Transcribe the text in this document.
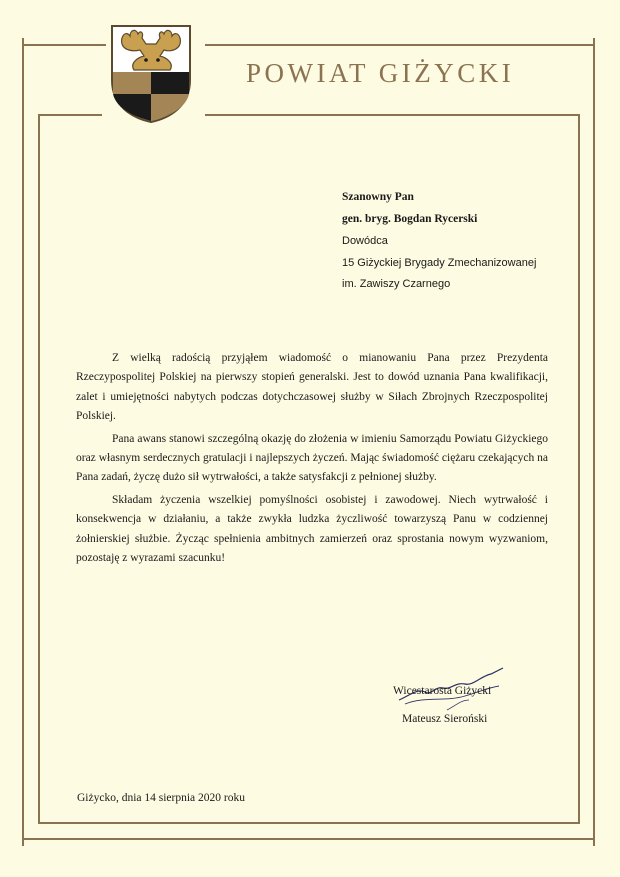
POWIAT GIŻYCKI
Szanowny Pan
gen. bryg. Bogdan Rycerski
Dowódca
15 Giżyckiej Brygady Zmechanizowanej
im. Zawiszy Czarnego

Z wielką radością przyjąłem wiadomość o mianowaniu Pana przez Prezydenta Rzeczypospolitej Polskiej na pierwszy stopień generalski. Jest to dowód uznania Pana kwalifikacji, zalet i umiejętności nabytych podczas dotychczasowej służby w Siłach Zbrojnych Rzeczpospolitej Polskiej.

Pana awans stanowi szczególną okazję do złożenia w imieniu Samorządu Powiatu Giżyckiego oraz własnym serdecznych gratulacji i najlepszych życzeń. Mając świadomość ciężaru czekających na Pana zadań, życzę dużo sił wytrwałości, a także satysfakcji z pełnionej służby.

Składam życzenia wszelkiej pomyślności osobistej i zawodowej. Niech wytrwałość i konsekwencja w działaniu, a także zwykła ludzka życzliwość towarzyszą Panu w codziennej żołnierskiej służbie. Życząc spełnienia ambitnych zamierzeń oraz sprostania nowym wyzwaniom, pozostaję z wyrazami szacunku!

Wicestarosta Giżycki
Mateusz Sieroński
Giżycko, dnia 14 sierpnia 2020 roku
